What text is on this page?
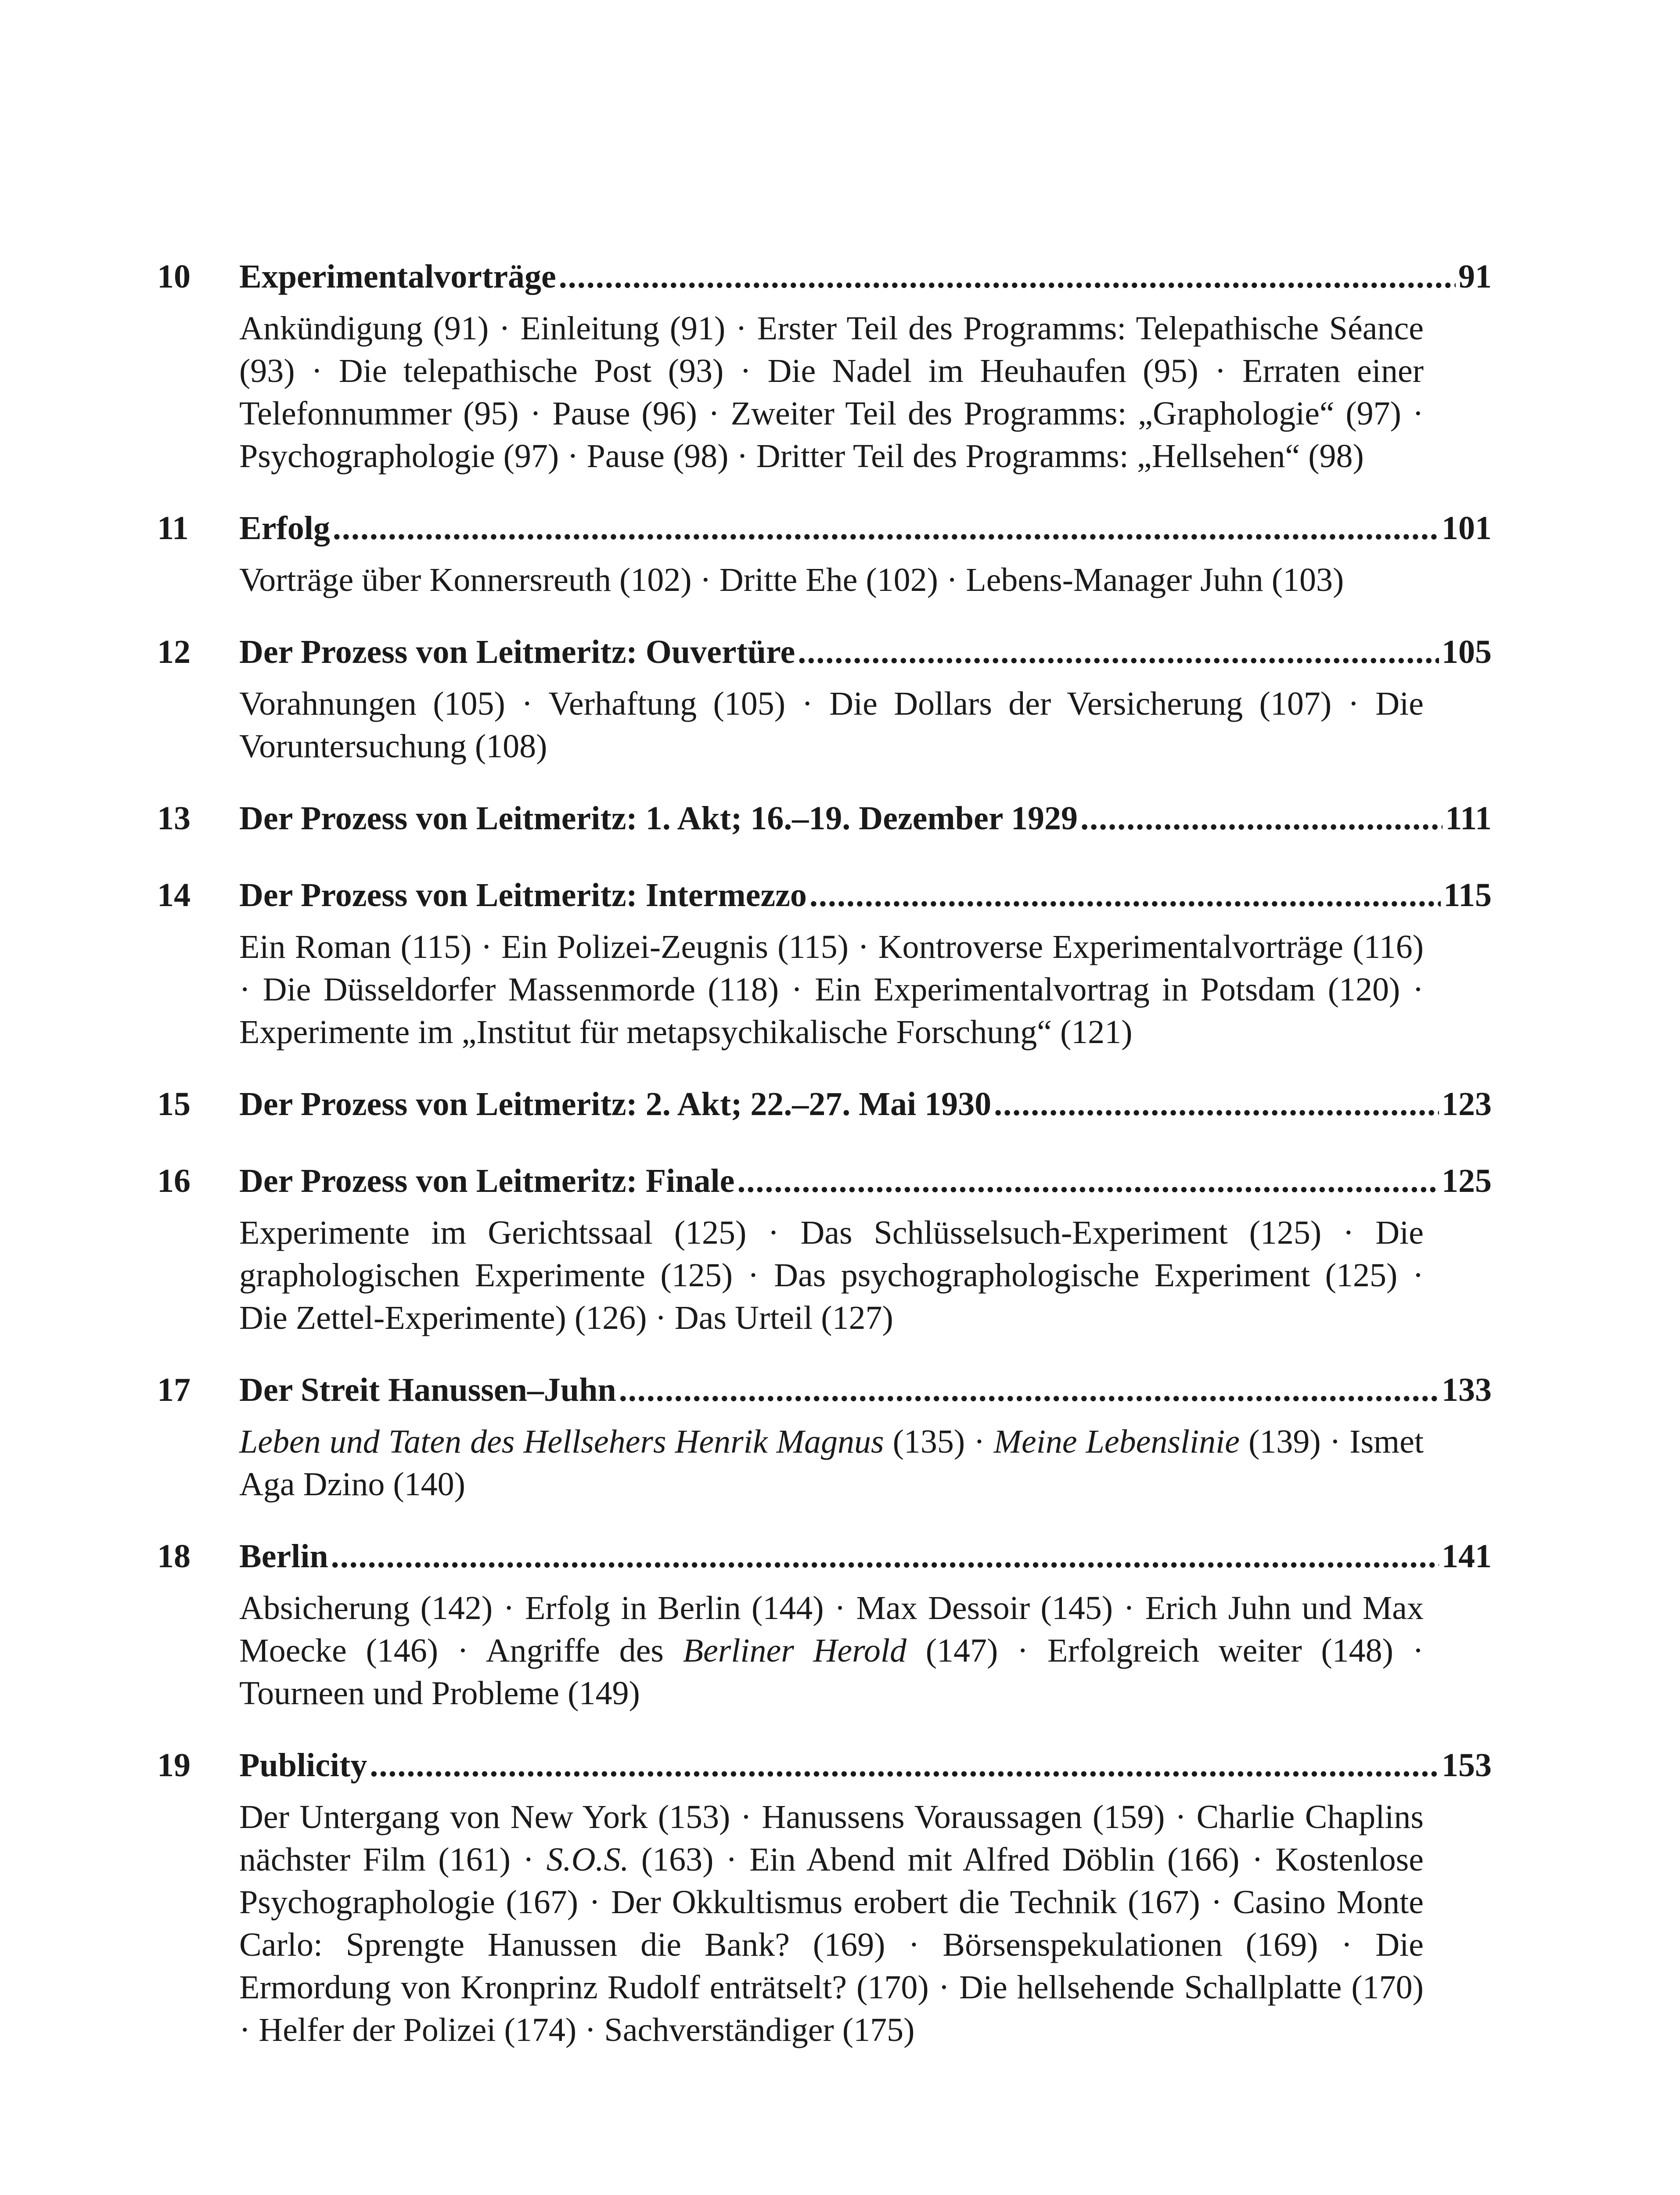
10	Experimentalvorträge .....	91
Ankündigung (91) · Einleitung (91) · Erster Teil des Programms: Telepathische Séance (93) · Die telepathische Post (93) · Die Nadel im Heuhaufen (95) · Erraten einer Telefonnummer (95) · Pause (96) · Zweiter Teil des Programms: „Graphologie“ (97) · Psychographologie (97) · Pause (98) · Dritter Teil des Programms: „Hellsehen“ (98)
11	Erfolg .....	101
Vorträge über Konnersreuth (102) · Dritte Ehe (102) · Lebens-Manager Juhn (103)
12	Der Prozess von Leitmeritz: Ouvertüre .....	105
Vorahnungen (105) · Verhaftung (105) · Die Dollars der Versicherung (107) · Die Voruntersuchung (108)
13	Der Prozess von Leitmeritz: 1. Akt; 16.–19. Dezember 1929 .....	111
14	Der Prozess von Leitmeritz: Intermezzo .....	115
Ein Roman (115) · Ein Polizei-Zeugnis (115) · Kontroverse Experimentalvorträge (116) · Die Düsseldorfer Massenmorde (118) · Ein Experimentalvortrag in Potsdam (120) · Experimente im „Institut für metapsychikalische Forschung“ (121)
15	Der Prozess von Leitmeritz: 2. Akt; 22.–27. Mai 1930 .....	123
16	Der Prozess von Leitmeritz: Finale .....	125
Experimente im Gerichtssaal (125) · Das Schlüsselsuch-Experiment (125) · Die graphologischen Experimente (125) · Das psychographologische Experiment (125) · Die Zettel-Experimente) (126) · Das Urteil (127)
17	Der Streit Hanussen–Juhn .....	133
Leben und Taten des Hellsehers Henrik Magnus (135) · Meine Lebenslinie (139) · Ismet Aga Dzino (140)
18	Berlin .....	141
Absicherung (142) · Erfolg in Berlin (144) · Max Dessoir (145) · Erich Juhn und Max Moecke (146) · Angriffe des Berliner Herold (147) · Erfolgreich weiter (148) · Tourneen und Probleme (149)
19	Publicity .....	153
Der Untergang von New York (153) · Hanussens Voraussagen (159) · Charlie Chaplins nächster Film (161) · S.O.S. (163) · Ein Abend mit Alfred Döblin (166) · Kostenlose Psychographologie (167) · Der Okkultismus erobert die Technik (167) · Casino Monte Carlo: Sprengte Hanussen die Bank? (169) · Börsenspekulationen (169) · Die Ermordung von Kronprinz Rudolf enträtselt? (170) · Die hellsehende Schallplatte (170) · Helfer der Polizei (174) · Sachverständiger (175)
